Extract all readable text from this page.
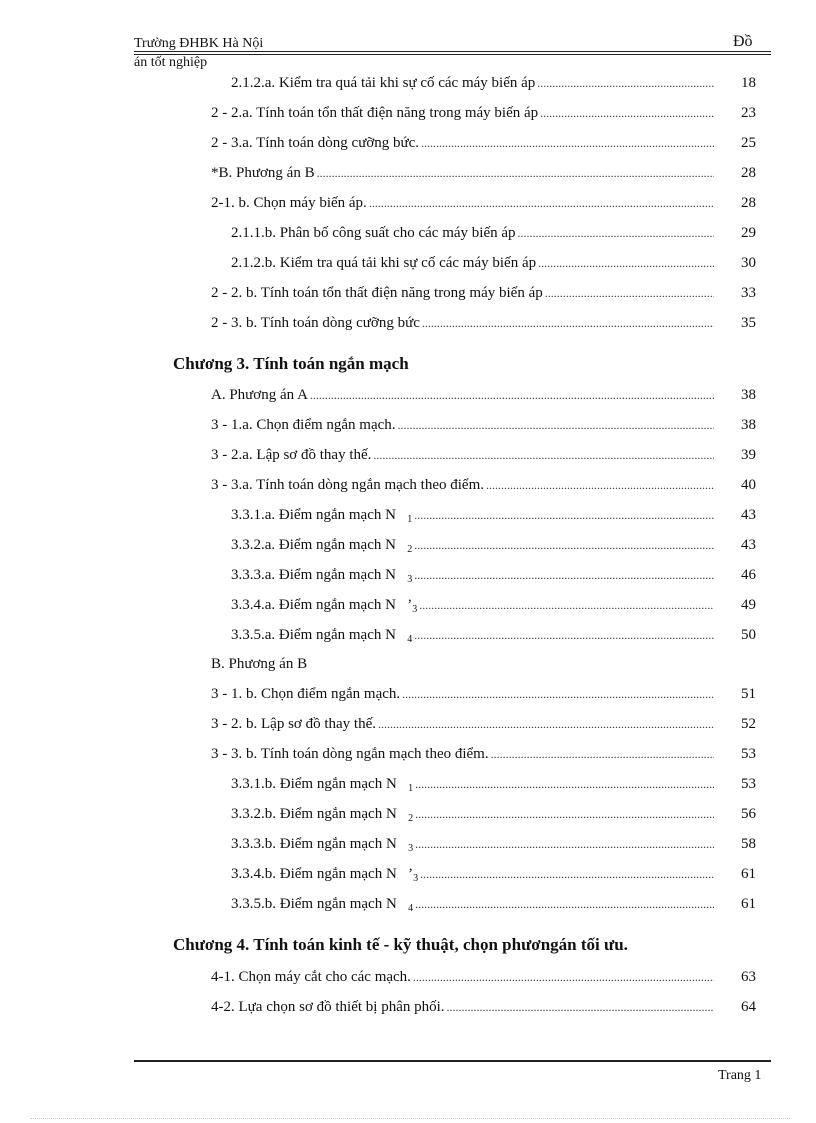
Trường ĐHBK Hà Nội	Đồ
án tốt nghiệp
2.1.2.a. Kiểm tra quá tải khi sự cố các máy biến áp .....	18
2 - 2.a. Tính toán tổn thất điện năng trong máy biến áp .....	23
2 - 3.a. Tính toán dòng cưỡng bức. .....	25
*B. Phương án B .....	28
2-1. b. Chọn máy biến áp. .....	28
2.1.1.b. Phân bố công suất cho các máy biến áp .....	29
2.1.2.b. Kiểm tra quá tải khi sự cố các máy biến áp .....	30
2 - 2. b. Tính toán tổn thất điện năng trong máy biến áp .....	33
2 - 3. b. Tính toán dòng cưỡng bức .....	35
Chương 3. Tính toán ngắn mạch
A. Phương án A .....	38
3 - 1.a. Chọn điểm ngắn mạch. .....	38
3 - 2.a. Lập sơ đồ thay thế. .....	39
3 - 3.a. Tính toán dòng ngắn mạch theo điểm. .....	40
3.3.1.a. Điểm ngắn mạch N $_1$ .....	43
3.3.2.a. Điểm ngắn mạch N $_2$ .....	43
3.3.3.a. Điểm ngắn mạch N $_3$ .....	46
3.3.4.a. Điểm ngắn mạch N $’_3$ .....	49
3.3.5.a. Điểm ngắn mạch N $_4$ .....	50
B. Phương án B
3 - 1. b. Chọn điểm ngắn mạch. .....	51
3 - 2. b. Lập sơ đồ thay thế. .....	52
3 - 3. b. Tính toán dòng ngắn mạch theo điểm. .....	53
3.3.1.b. Điểm ngắn mạch N $_1$ .....	53
3.3.2.b. Điểm ngắn mạch N $_2$ .....	56
3.3.3.b. Điểm ngắn mạch N $_3$ .....	58
3.3.4.b. Điểm ngắn mạch N $’_3$ .....	61
3.3.5.b. Điểm ngắn mạch N $_4$ .....	61
Chương 4. Tính toán kinh tế - kỹ thuật, chọn phươngán tối ưu.
4-1. Chọn máy cắt cho các mạch. .....	63
4-2. Lựa chọn sơ đồ thiết bị phân phối. .....	64
Trang 1
